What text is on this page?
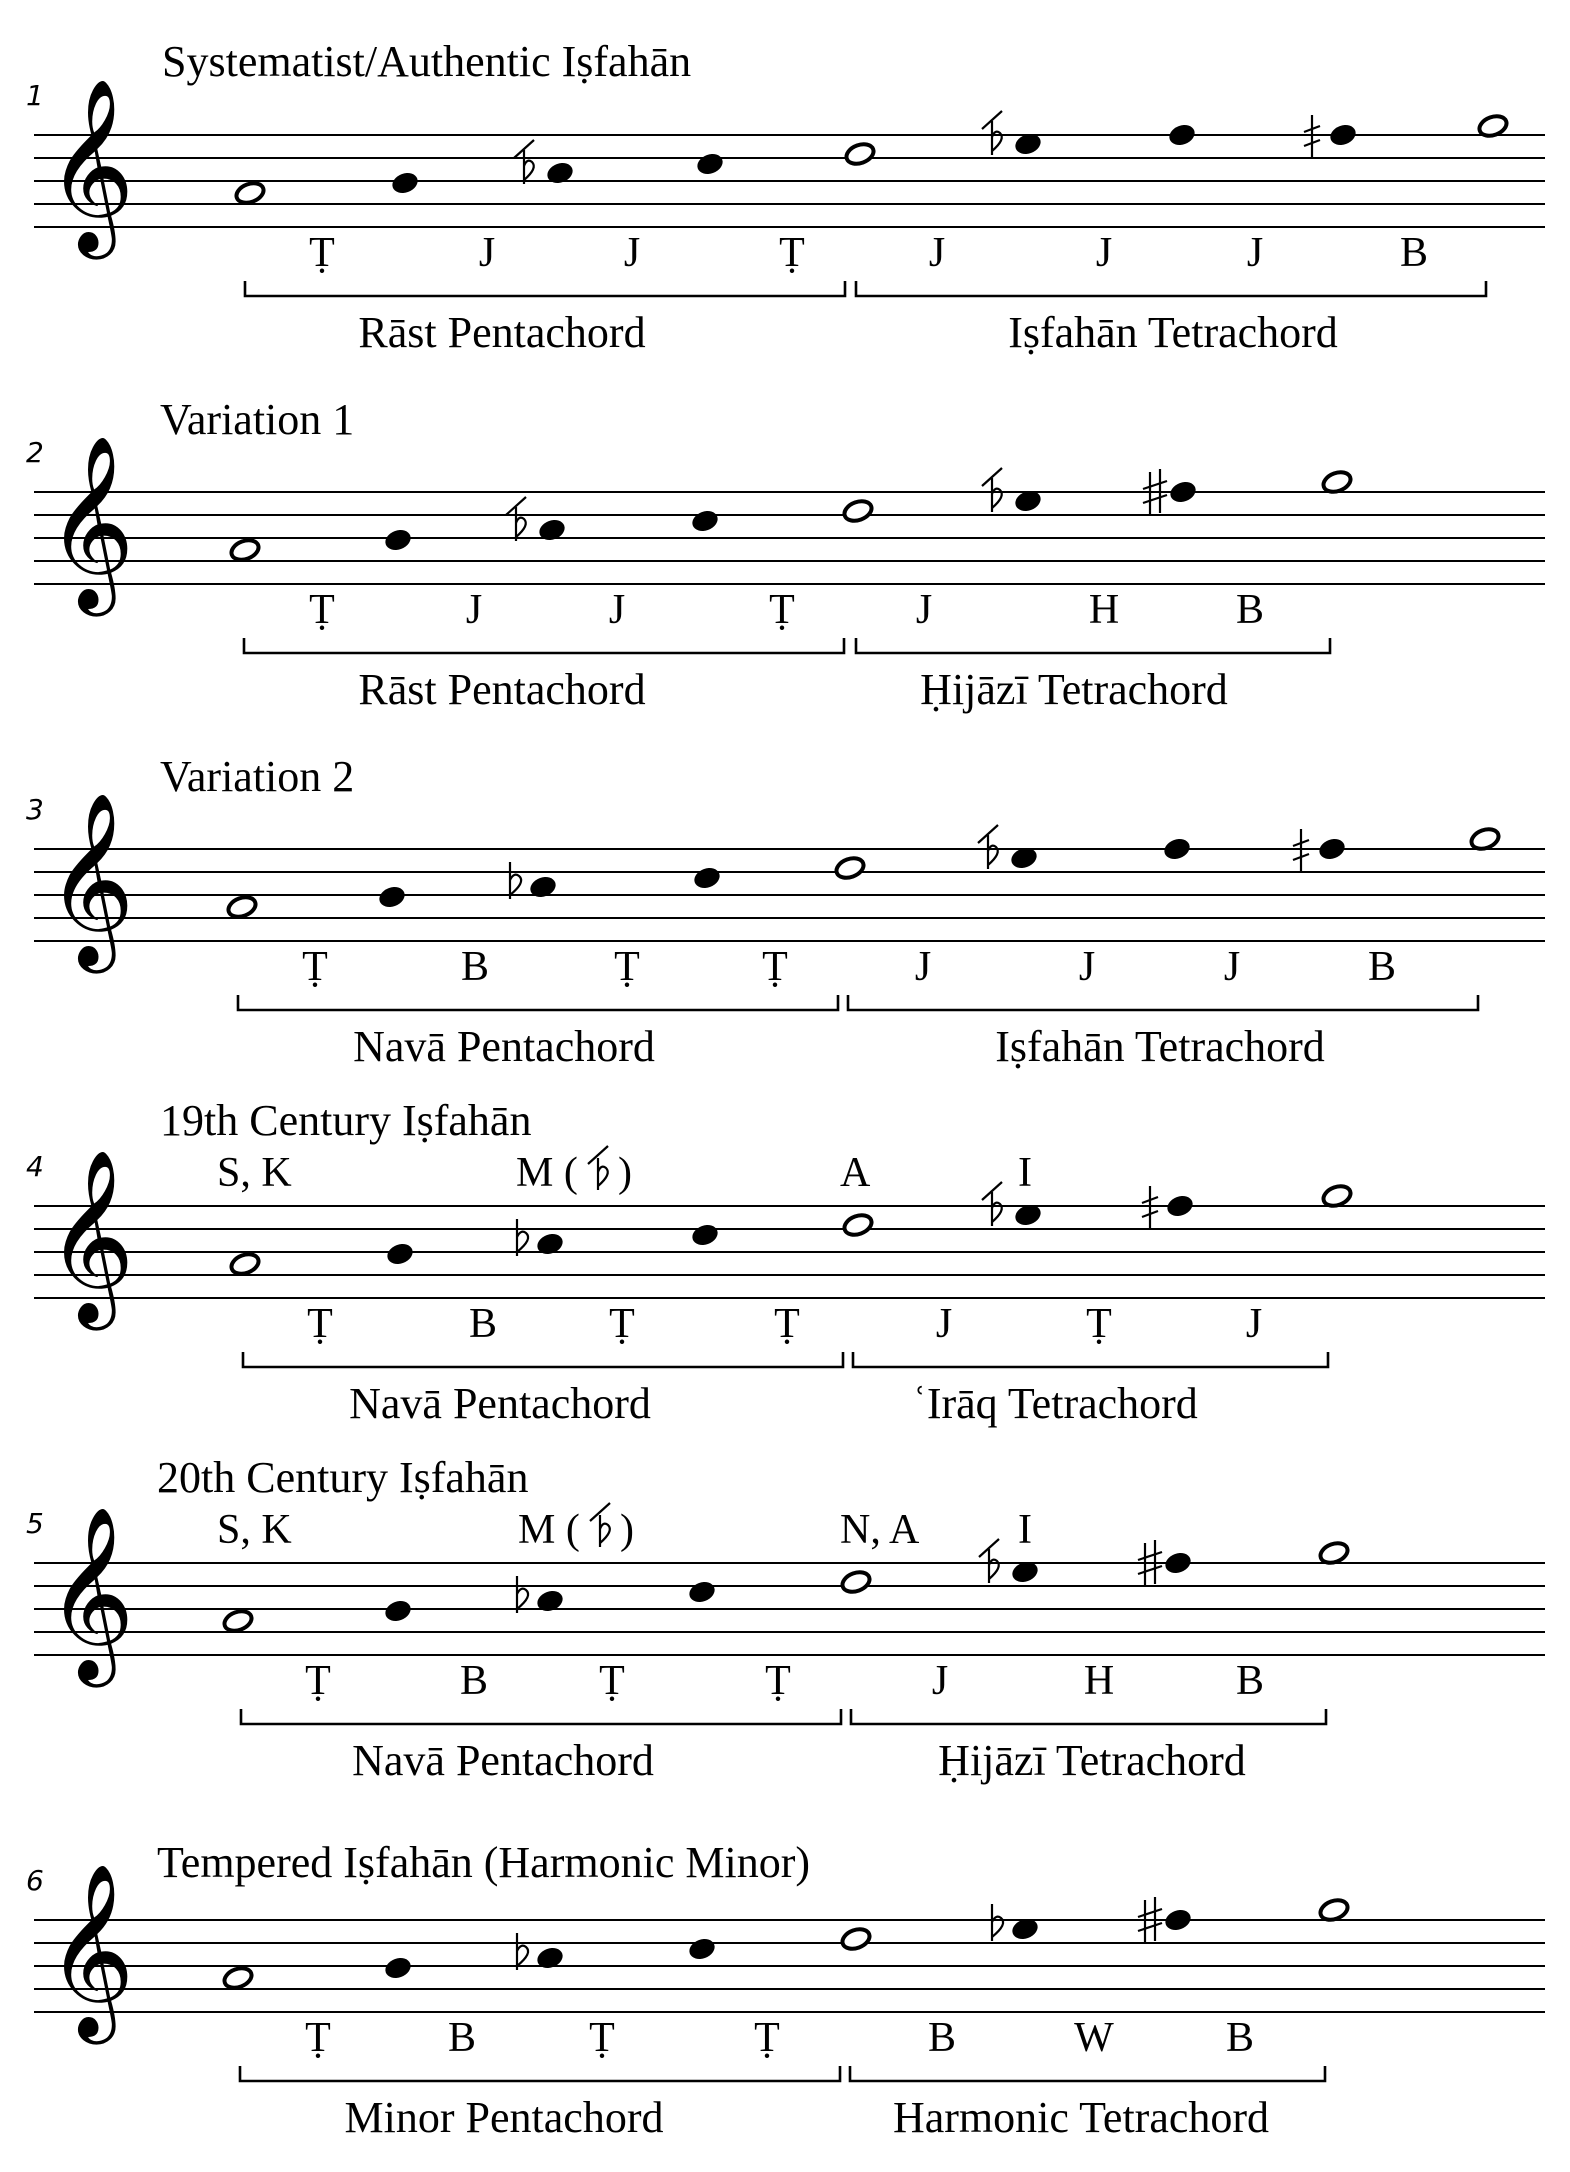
1
Systematist/Authentic Iṣfahān
𝄞
Ṭ	J	J	Ṭ	J	J	J	B
Rāst Pentachord	Iṣfahān Tetrachord
2
Variation 1
𝄞
Ṭ	J	J	Ṭ	J	H	B
Rāst Pentachord	Ḥijāzī Tetrachord
3
Variation 2
𝄞
Ṭ	B	Ṭ	Ṭ	J	J	J	B
Navā Pentachord	Iṣfahān Tetrachord
4
19th Century Iṣfahān
S, K	M ( )	A	I
𝄞
Ṭ	B	Ṭ	Ṭ	J	Ṭ	J
Navā Pentachord	ʿIrāq Tetrachord
5
20th Century Iṣfahān
S, K	M ( )	N, A I
𝄞
Ṭ	B	Ṭ	Ṭ	J	H	B
Navā Pentachord	Ḥijāzī Tetrachord
6	Tempered Iṣfahān (Harmonic Minor)
𝄞
Ṭ	B	Ṭ	Ṭ	B	W	B
Minor Pentachord	Harmonic Tetrachord
